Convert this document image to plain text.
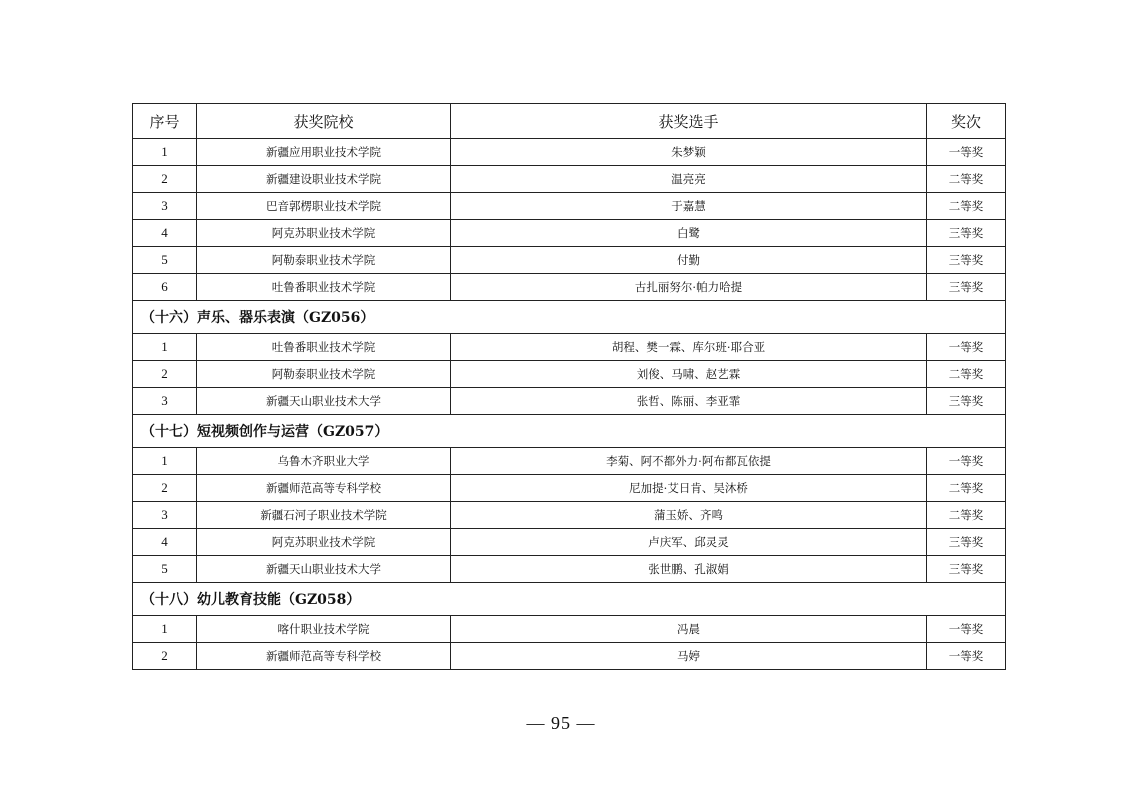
序号	获奖院校	获奖选手	奖次
1	新疆应用职业技术学院	朱梦颖	一等奖
2	新疆建设职业技术学院	温亮亮	二等奖
3	巴音郭楞职业技术学院	于嘉慧	二等奖
4	阿克苏职业技术学院	白鹭	三等奖
5	阿勒泰职业技术学院	付勤	三等奖
6	吐鲁番职业技术学院	古扎丽努尔·帕力哈提	三等奖
（十六）声乐、器乐表演（GZ056）			
1	吐鲁番职业技术学院	胡程、樊一霖、库尔班·耶合亚	一等奖
2	阿勒泰职业技术学院	刘俊、马啸、赵艺霖	二等奖
3	新疆天山职业技术大学	张哲、陈丽、李亚霏	三等奖
（十七）短视频创作与运营（GZ057）			
1	乌鲁木齐职业大学	李菊、阿不都外力·阿布都瓦依提	一等奖
2	新疆师范高等专科学校	尼加提·艾日肯、吴沐桥	二等奖
3	新疆石河子职业技术学院	蒲玉娇、齐鸣	二等奖
4	阿克苏职业技术学院	卢庆军、邱灵灵	三等奖
5	新疆天山职业技术大学	张世鹏、孔淑娟	三等奖
（十八）幼儿教育技能（GZ058）			
1	喀什职业技术学院	冯晨	一等奖
2	新疆师范高等专科学校	马婷	一等奖
— 95 —
